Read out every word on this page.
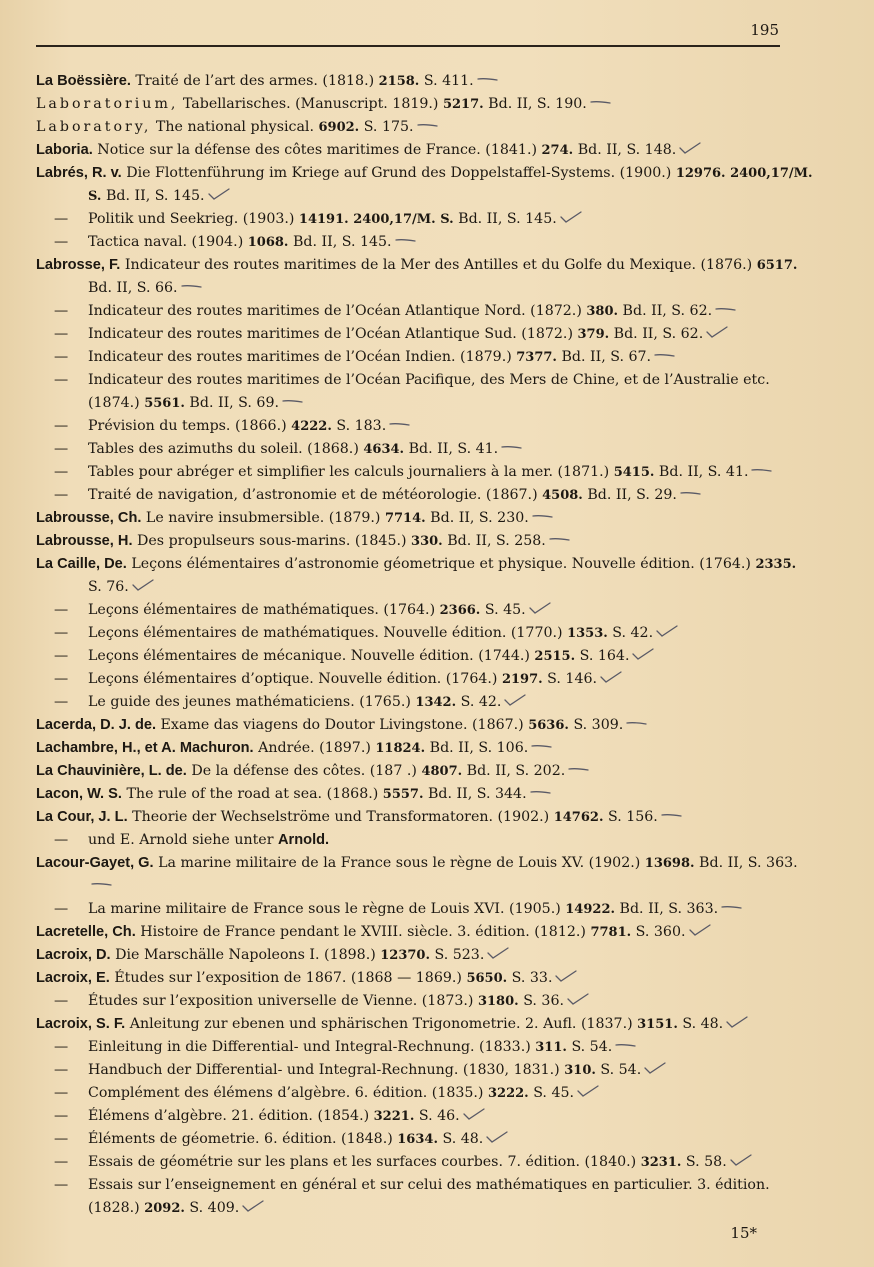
195
La Boëssière. Traité de l’art des armes. (1818.) 2158. S. 411.
Laboratorium, Tabellarisches. (Manuscript. 1819.) 5217. Bd. II, S. 190.
Laboratory, The national physical. 6902. S. 175.
Laboria. Notice sur la défense des côtes maritimes de France. (1841.) 274. Bd. II, S. 148.
Labrés, R. v. Die Flottenführung im Kriege auf Grund des Doppelstaffel-Systems. (1900.) 12976. 2400,17/M. S. Bd. II, S. 145.
— Politik und Seekrieg. (1903.) 14191. 2400,17/M. S. Bd. II, S. 145.
— Tactica naval. (1904.) 1068. Bd. II, S. 145.
Labrosse, F. Indicateur des routes maritimes de la Mer des Antilles et du Golfe du Mexique. (1876.) 6517. Bd. II, S. 66.
— Indicateur des routes maritimes de l’Océan Atlantique Nord. (1872.) 380. Bd. II, S. 62.
— Indicateur des routes maritimes de l’Océan Atlantique Sud. (1872.) 379. Bd. II, S. 62.
— Indicateur des routes maritimes de l’Océan Indien. (1879.) 7377. Bd. II, S. 67.
— Indicateur des routes maritimes de l’Océan Pacifique, des Mers de Chine, et de l’Australie etc. (1874.) 5561. Bd. II, S. 69.
— Prévision du temps. (1866.) 4222. S. 183.
— Tables des azimuths du soleil. (1868.) 4634. Bd. II, S. 41.
— Tables pour abréger et simplifier les calculs journaliers à la mer. (1871.) 5415. Bd. II, S. 41.
— Traité de navigation, d’astronomie et de météorologie. (1867.) 4508. Bd. II, S. 29.
Labrousse, Ch. Le navire insubmersible. (1879.) 7714. Bd. II, S. 230.
Labrousse, H. Des propulseurs sous-marins. (1845.) 330. Bd. II, S. 258.
La Caille, De. Leçons élémentaires d’astronomie géometrique et physique. Nouvelle édition. (1764.) 2335. S. 76.
— Leçons élémentaires de mathématiques. (1764.) 2366. S. 45.
— Leçons élémentaires de mathématiques. Nouvelle édition. (1770.) 1353. S. 42.
— Leçons élémentaires de mécanique. Nouvelle édition. (1744.) 2515. S. 164.
— Leçons élémentaires d’optique. Nouvelle édition. (1764.) 2197. S. 146.
— Le guide des jeunes mathématiciens. (1765.) 1342. S. 42.
Lacerda, D. J. de. Exame das viagens do Doutor Livingstone. (1867.) 5636. S. 309.
Lachambre, H., et A. Machuron. Andrée. (1897.) 11824. Bd. II, S. 106.
La Chauvinière, L. de. De la défense des côtes. (187 .) 4807. Bd. II, S. 202.
Lacon, W. S. The rule of the road at sea. (1868.) 5557. Bd. II, S. 344.
La Cour, J. L. Theorie der Wechselströme und Transformatoren. (1902.) 14762. S. 156.
— und E. Arnold siehe unter Arnold.
Lacour-Gayet, G. La marine militaire de la France sous le règne de Louis XV. (1902.) 13698. Bd. II, S. 363.
— La marine militaire de France sous le règne de Louis XVI. (1905.) 14922. Bd. II, S. 363.
Lacretelle, Ch. Histoire de France pendant le XVIII. siècle. 3. édition. (1812.) 7781. S. 360.
Lacroix, D. Die Marschälle Napoleons I. (1898.) 12370. S. 523.
Lacroix, E. Études sur l’exposition de 1867. (1868 — 1869.) 5650. S. 33.
— Études sur l’exposition universelle de Vienne. (1873.) 3180. S. 36.
Lacroix, S. F. Anleitung zur ebenen und sphärischen Trigonometrie. 2. Aufl. (1837.) 3151. S. 48.
— Einleitung in die Differential- und Integral-Rechnung. (1833.) 311. S. 54.
— Handbuch der Differential- und Integral-Rechnung. (1830, 1831.) 310. S. 54.
— Complément des élémens d’algèbre. 6. édition. (1835.) 3222. S. 45.
— Élémens d’algèbre. 21. édition. (1854.) 3221. S. 46.
— Éléments de géometrie. 6. édition. (1848.) 1634. S. 48.
— Essais de géométrie sur les plans et les surfaces courbes. 7. édition. (1840.) 3231. S. 58.
— Essais sur l’enseignement en général et sur celui des mathématiques en particulier. 3. édition. (1828.) 2092. S. 409.
15*
